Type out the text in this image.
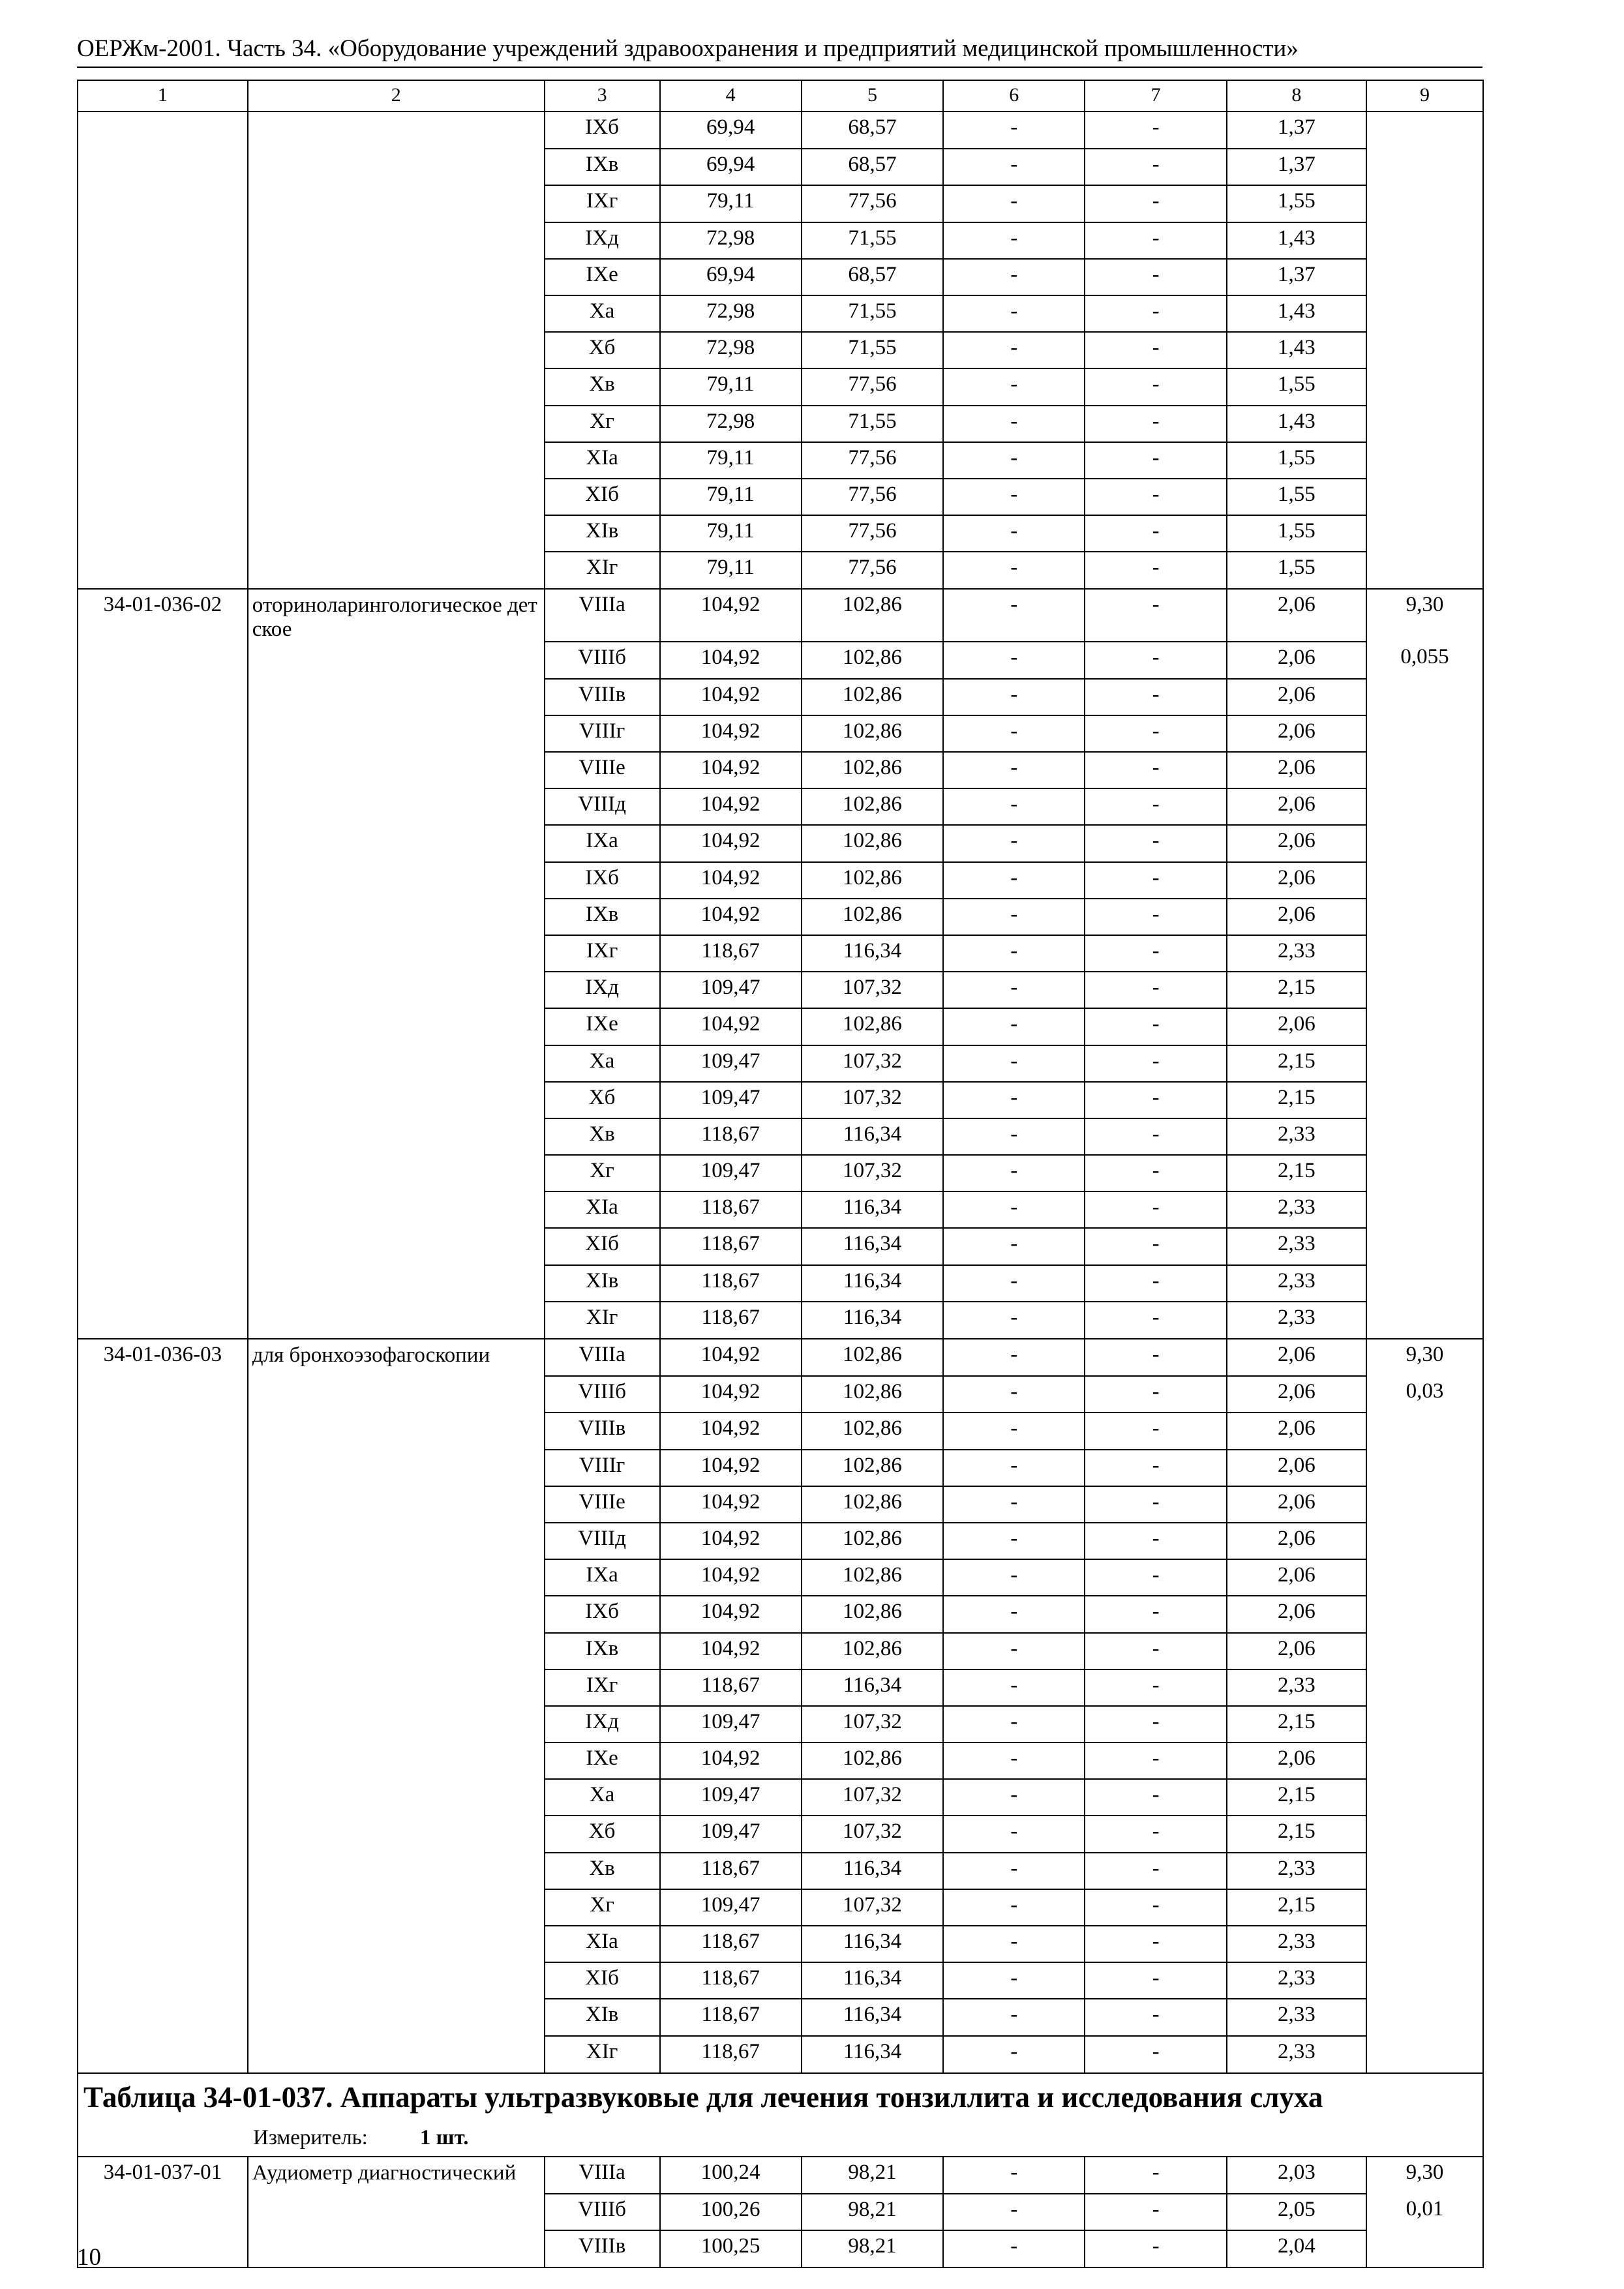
ОЕРЖм-2001. Часть 34. «Оборудование учреждений здравоохранения и предприятий медицинской промышленности»
1	2	3	4	5	6	7	8	9
		IXб	69,94	68,57	-	-	1,37	
		IXв	69,94	68,57	-	-	1,37	
		IXг	79,11	77,56	-	-	1,55	
		IXд	72,98	71,55	-	-	1,43	
		IXе	69,94	68,57	-	-	1,37	
		Xа	72,98	71,55	-	-	1,43	
		Xб	72,98	71,55	-	-	1,43	
		Xв	79,11	77,56	-	-	1,55	
		Xг	72,98	71,55	-	-	1,43	
		XIа	79,11	77,56	-	-	1,55	
		XIб	79,11	77,56	-	-	1,55	
		XIв	79,11	77,56	-	-	1,55	
		XIг	79,11	77,56	-	-	1,55	
34-01-036-02	оториноларингологическое детское	VIIIа	104,92	102,86	-	-	2,06	9,30
		VIIIб	104,92	102,86	-	-	2,06	0,055
		VIIIв	104,92	102,86	-	-	2,06	
		VIIIг	104,92	102,86	-	-	2,06	
		VIIIе	104,92	102,86	-	-	2,06	
		VIIIд	104,92	102,86	-	-	2,06	
		IXа	104,92	102,86	-	-	2,06	
		IXб	104,92	102,86	-	-	2,06	
		IXв	104,92	102,86	-	-	2,06	
		IXг	118,67	116,34	-	-	2,33	
		IXд	109,47	107,32	-	-	2,15	
		IXе	104,92	102,86	-	-	2,06	
		Xа	109,47	107,32	-	-	2,15	
		Xб	109,47	107,32	-	-	2,15	
		Xв	118,67	116,34	-	-	2,33	
		Xг	109,47	107,32	-	-	2,15	
		XIа	118,67	116,34	-	-	2,33	
		XIб	118,67	116,34	-	-	2,33	
		XIв	118,67	116,34	-	-	2,33	
		XIг	118,67	116,34	-	-	2,33	
34-01-036-03	для бронхоэзофагоскопии	VIIIа	104,92	102,86	-	-	2,06	9,30
		VIIIб	104,92	102,86	-	-	2,06	0,03
		VIIIв	104,92	102,86	-	-	2,06	
		VIIIг	104,92	102,86	-	-	2,06	
		VIIIе	104,92	102,86	-	-	2,06	
		VIIIд	104,92	102,86	-	-	2,06	
		IXа	104,92	102,86	-	-	2,06	
		IXб	104,92	102,86	-	-	2,06	
		IXв	104,92	102,86	-	-	2,06	
		IXг	118,67	116,34	-	-	2,33	
		IXд	109,47	107,32	-	-	2,15	
		IXе	104,92	102,86	-	-	2,06	
		Xа	109,47	107,32	-	-	2,15	
		Xб	109,47	107,32	-	-	2,15	
		Xв	118,67	116,34	-	-	2,33	
		Xг	109,47	107,32	-	-	2,15	
		XIа	118,67	116,34	-	-	2,33	
		XIб	118,67	116,34	-	-	2,33	
		XIв	118,67	116,34	-	-	2,33	
		XIг	118,67	116,34	-	-	2,33	

Таблица 34-01-037. Аппараты ультразвуковые для лечения тонзиллита и исследования слуха
Измеритель: 1 шт.								

34-01-037-01	Аудиометр диагностический	VIIIа	100,24	98,21	-	-	2,03	9,30
		VIIIб	100,26	98,21	-	-	2,05	0,01
		VIIIв	100,25	98,21	-	-	2,04	
10
